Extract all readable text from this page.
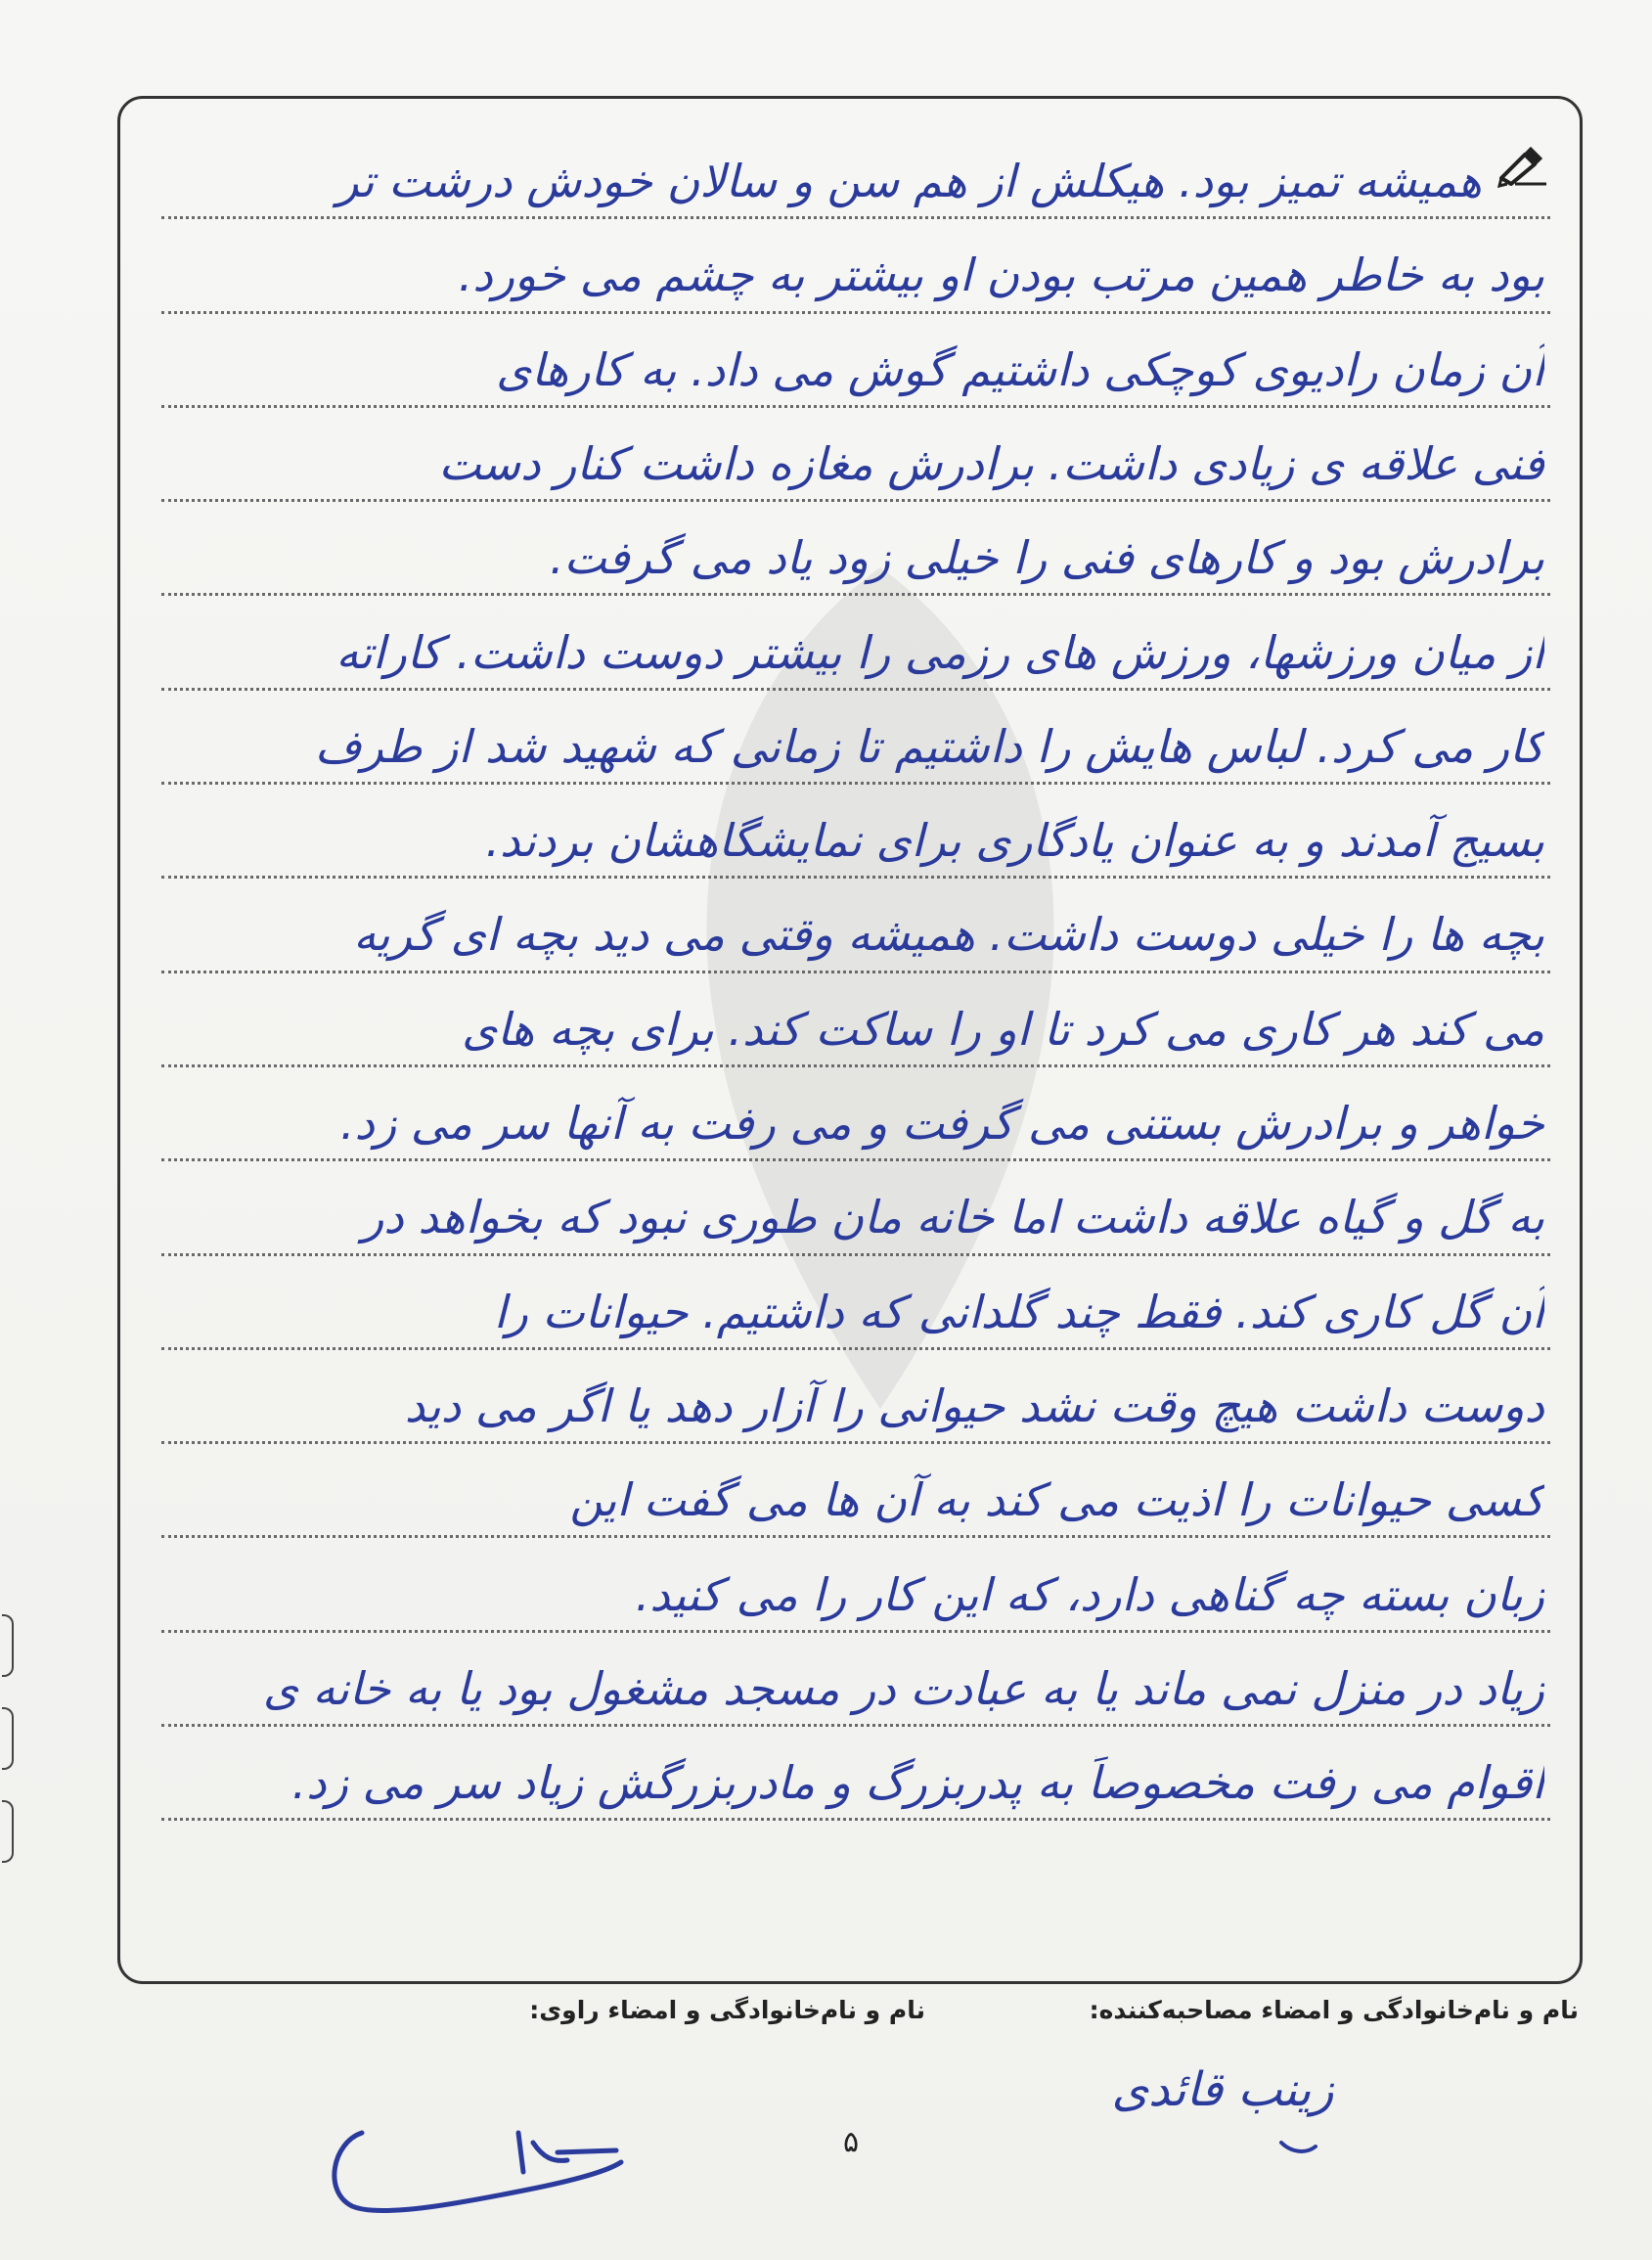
همیشه تمیز بود. هیکلش از هم سن و سالان خودش درشت تر
بود به خاطر همین مرتب بودن او بیشتر به چشم می خورد.
آن زمان رادیوی کوچکی داشتیم گوش می داد. به کارهای
فنی علاقه ی زیادی داشت. برادرش مغازه داشت کنار دست
برادرش بود و کارهای فنی را خیلی زود یاد می گرفت.
از میان ورزشها، ورزش های رزمی را بیشتر دوست داشت. کاراته
کار می کرد. لباس هایش را داشتیم تا زمانی که شهید شد از طرف
بسیج آمدند و به عنوان یادگاری برای نمایشگاهشان بردند.
بچه ها را خیلی دوست داشت. همیشه وقتی می دید بچه ای گریه
می کند هر کاری می کرد تا او را ساکت کند. برای بچه های
خواهر و برادرش بستنی می گرفت و می رفت به آنها سر می زد.
به گل و گیاه علاقه داشت اما خانه مان طوری نبود که بخواهد در
آن گل کاری کند. فقط چند گلدانی که داشتیم. حیوانات را
دوست داشت هیچ وقت نشد حیوانی را آزار دهد یا اگر می دید
کسی حیوانات را اذیت می کند به آن ها می گفت این
زبان بسته چه گناهی دارد، که این کار را می کنید.
زیاد در منزل نمی ماند یا به عبادت در مسجد مشغول بود یا به خانه ی
اقوام می رفت مخصوصاً به پدربزرگ و مادربزرگش زیاد سر می زد.
نام و نام‌خانوادگی و امضاء مصاحبه‌کننده:
نام و نام‌خانوادگی و امضاء راوی:
زینب قائدی
۵
